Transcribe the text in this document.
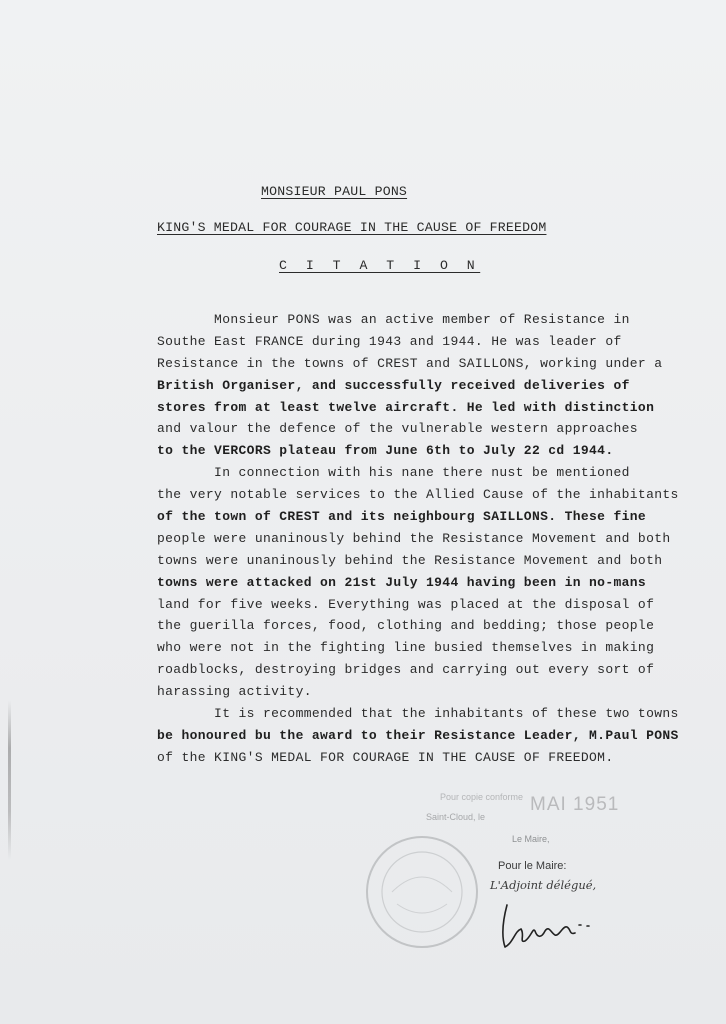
MONSIEUR PAUL PONS
KING'S MEDAL FOR COURAGE IN THE CAUSE OF FREEDOM
C I T A T I O N
Monsieur PONS was an active member of Resistance in
Southe East FRANCE during 1943 and 1944. He was leader of
Resistance in the towns of CREST and SAILLONS, working under a
British Organiser, and successfully received deliveries of
stores from at least twelve aircraft. He led with distinction
and valour the defence of the vulnerable western approaches
to the VERCORS plateau from June 6th to July 22 cd 1944.
In connection with his nane there nust be mentioned
the very notable services to the Allied Cause of the inhabitants
of the town of CREST and its neighbourg SAILLONS. These fine
people were unaninously behind the Resistance Movement and both
towns were unaninously behind the Resistance Movement and both
towns were attacked on 21st July 1944 having been in no-mans
land for five weeks. Everything was placed at the disposal of
the guerilla forces, food, clothing and bedding; those people
who were not in the fighting line busied themselves in making
roadblocks, destroying bridges and carrying out every sort of
harassing activity.
It is recommended that the inhabitants of these two towns
be honoured bu the award to their Resistance Leader, M.Paul PONS
of the KING'S MEDAL FOR COURAGE IN THE CAUSE OF FREEDOM.
Pour copie conforme
Saint-Cloud, le
MAI 1951
Le Maire,
Pour le Maire:
L'Adjoint délégué,
